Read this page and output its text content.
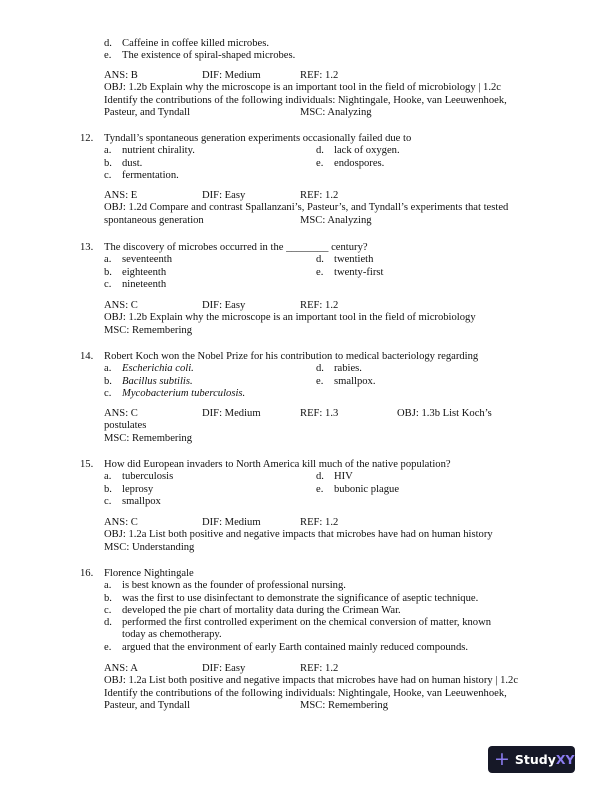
d. Caffeine in coffee killed microbes.
e. The existence of spiral-shaped microbes.
ANS: B	DIF: Medium	REF: 1.2
OBJ: 1.2b Explain why the microscope is an important tool in the field of microbiology | 1.2c
Identify the contributions of the following individuals: Nightingale, Hooke, van Leeuwenhoek,
Pasteur, and Tyndall	MSC: Analyzing
12. Tyndall’s spontaneous generation experiments occasionally failed due to
a. nutrient chirality.	d. lack of oxygen.
b. dust.	e. endospores.
c. fermentation.
ANS: E	DIF: Easy	REF: 1.2
OBJ: 1.2d Compare and contrast Spallanzani’s, Pasteur’s, and Tyndall’s experiments that tested
spontaneous generation	MSC: Analyzing
13. The discovery of microbes occurred in the ________ century?
a. seventeenth	d. twentieth
b. eighteenth	e. twenty-first
c. nineteenth
ANS: C	DIF: Easy	REF: 1.2
OBJ: 1.2b Explain why the microscope is an important tool in the field of microbiology
MSC: Remembering
14. Robert Koch won the Nobel Prize for his contribution to medical bacteriology regarding
a. Escherichia coli.	d. rabies.
b. Bacillus subtilis.	e. smallpox.
c. Mycobacterium tuberculosis.
ANS: C	DIF: Medium	REF: 1.3	OBJ: 1.3b List Koch’s
postulates
MSC: Remembering
15. How did European invaders to North America kill much of the native population?
a. tuberculosis	d. HIV
b. leprosy	e. bubonic plague
c. smallpox
ANS: C	DIF: Medium	REF: 1.2
OBJ: 1.2a List both positive and negative impacts that microbes have had on human history
MSC: Understanding
16. Florence Nightingale
a. is best known as the founder of professional nursing.
b. was the first to use disinfectant to demonstrate the significance of aseptic technique.
c. developed the pie chart of mortality data during the Crimean War.
d. performed the first controlled experiment on the chemical conversion of matter, known
today as chemotherapy.
e. argued that the environment of early Earth contained mainly reduced compounds.
ANS: A	DIF: Easy	REF: 1.2
OBJ: 1.2a List both positive and negative impacts that microbes have had on human history | 1.2c
Identify the contributions of the following individuals: Nightingale, Hooke, van Leeuwenhoek,
Pasteur, and Tyndall	MSC: Remembering
+ StudyXY
